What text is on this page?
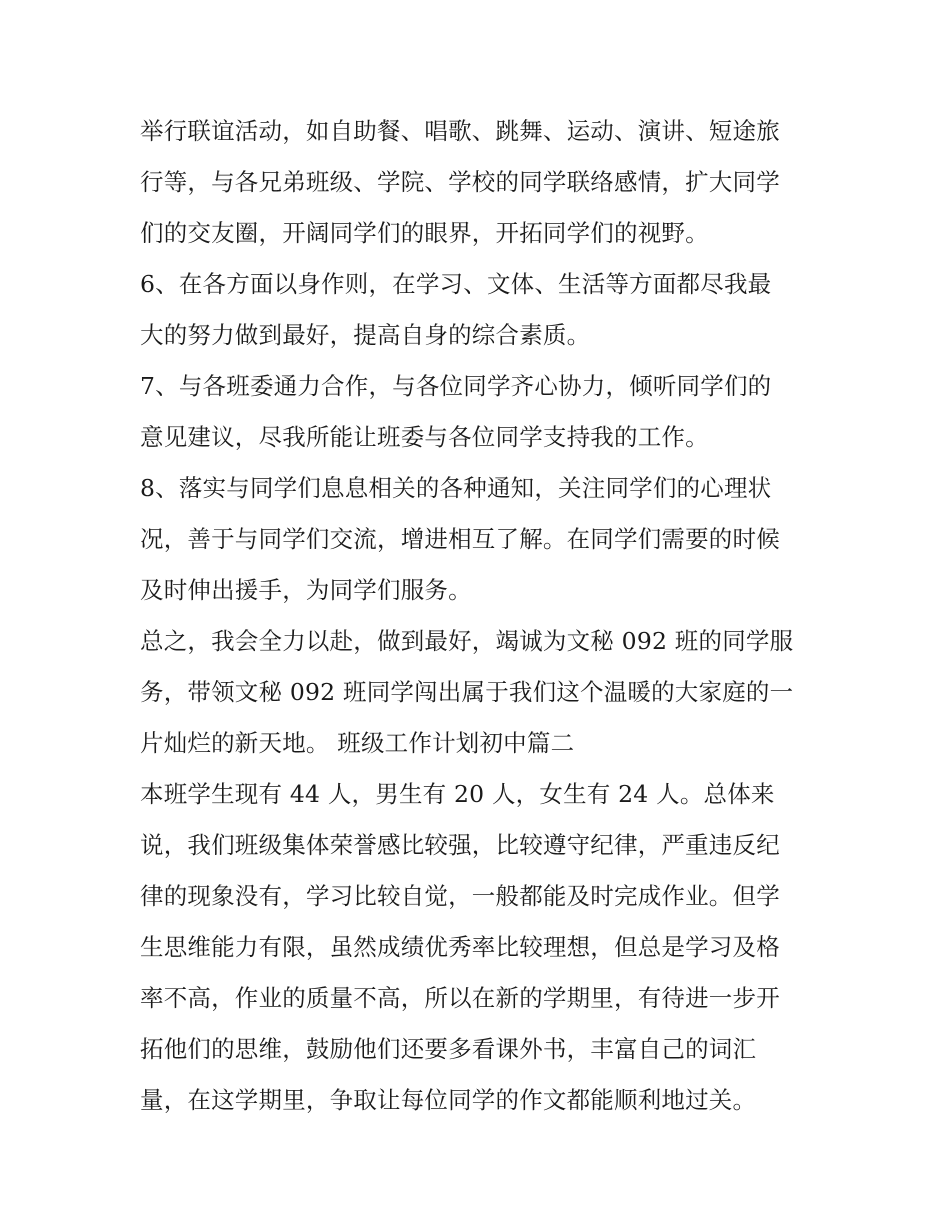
举行联谊活动，如自助餐、唱歌、跳舞、运动、演讲、短途旅
行等，与各兄弟班级、学院、学校的同学联络感情，扩大同学
们的交友圈，开阔同学们的眼界，开拓同学们的视野。
6、在各方面以身作则，在学习、文体、生活等方面都尽我最
大的努力做到最好，提高自身的综合素质。
7、与各班委通力合作，与各位同学齐心协力，倾听同学们的
意见建议，尽我所能让班委与各位同学支持我的工作。
8、落实与同学们息息相关的各种通知，关注同学们的心理状
况，善于与同学们交流，增进相互了解。在同学们需要的时候
及时伸出援手，为同学们服务。
总之，我会全力以赴，做到最好，竭诚为文秘 092 班的同学服
务，带领文秘 092 班同学闯出属于我们这个温暖的大家庭的一
片灿烂的新天地。 班级工作计划初中篇二
本班学生现有 44 人，男生有 20 人，女生有 24 人。总体来
说，我们班级集体荣誉感比较强，比较遵守纪律，严重违反纪
律的现象没有，学习比较自觉，一般都能及时完成作业。但学
生思维能力有限，虽然成绩优秀率比较理想，但总是学习及格
率不高，作业的质量不高，所以在新的学期里，有待进一步开
拓他们的思维，鼓励他们还要多看课外书，丰富自己的词汇
量，在这学期里，争取让每位同学的作文都能顺利地过关。
